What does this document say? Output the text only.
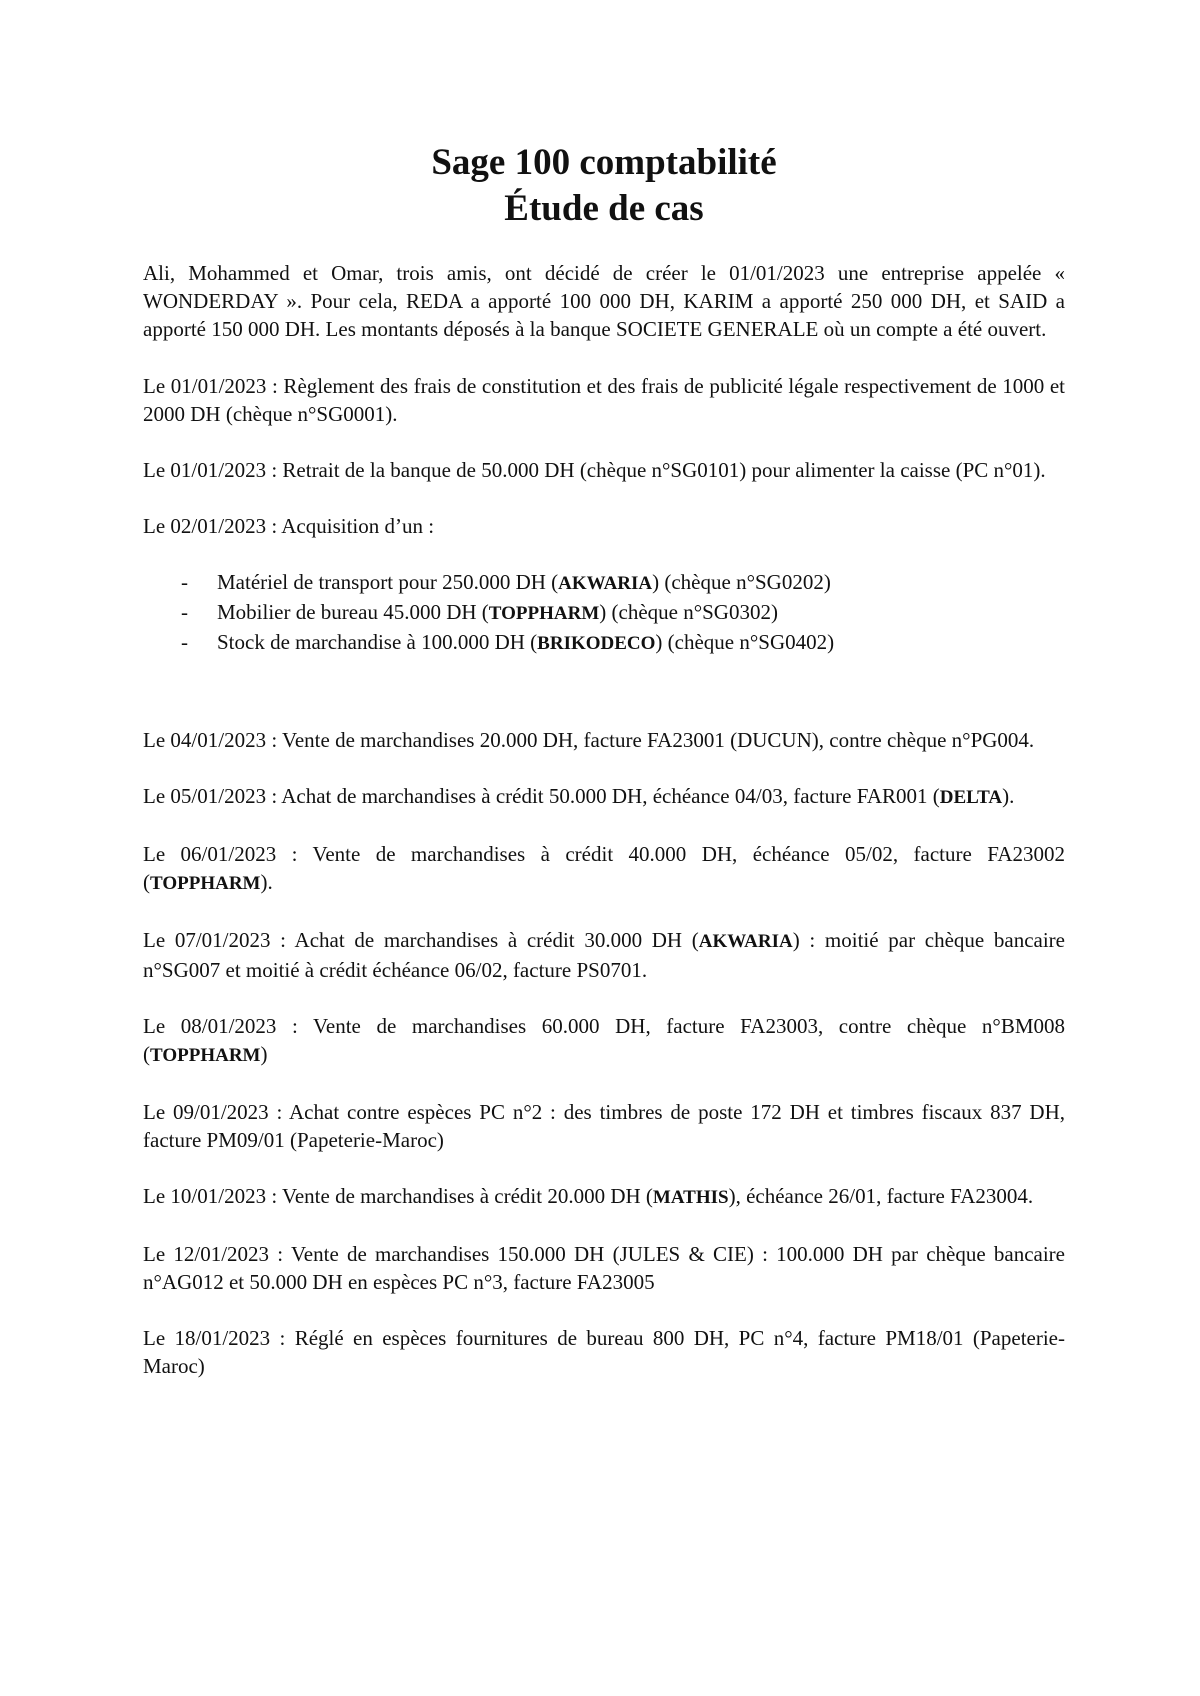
Sage 100 comptabilité
Étude de cas

Ali, Mohammed et Omar, trois amis, ont décidé de créer le 01/01/2023 une entreprise appelée « WONDERDAY ». Pour cela, REDA a apporté 100 000 DH, KARIM a apporté 250 000 DH, et SAID a apporté 150 000 DH. Les montants déposés à la banque SOCIETE GENERALE où un compte a été ouvert.

Le 01/01/2023 : Règlement des frais de constitution et des frais de publicité légale respectivement de 1000 et 2000 DH (chèque n°SG0001).

Le 01/01/2023 : Retrait de la banque de 50.000 DH (chèque n°SG0101) pour alimenter la caisse (PC n°01).

Le 02/01/2023 : Acquisition d’un :

- Matériel de transport pour 250.000 DH (AKWARIA) (chèque n°SG0202)
- Mobilier de bureau 45.000 DH (TOPPHARM) (chèque n°SG0302)
- Stock de marchandise à 100.000 DH (BRIKODECO) (chèque n°SG0402)

Le 04/01/2023 : Vente de marchandises 20.000 DH, facture FA23001 (DUCUN), contre chèque n°PG004.

Le 05/01/2023 : Achat de marchandises à crédit 50.000 DH, échéance 04/03, facture FAR001 (DELTA).

Le 06/01/2023 : Vente de marchandises à crédit 40.000 DH, échéance 05/02, facture FA23002 (TOPPHARM).

Le 07/01/2023 : Achat de marchandises à crédit 30.000 DH (AKWARIA) : moitié par chèque bancaire n°SG007 et moitié à crédit échéance 06/02, facture PS0701.

Le 08/01/2023 : Vente de marchandises 60.000 DH, facture FA23003, contre chèque n°BM008 (TOPPHARM)

Le 09/01/2023 : Achat contre espèces PC n°2 : des timbres de poste 172 DH et timbres fiscaux 837 DH, facture PM09/01 (Papeterie-Maroc)

Le 10/01/2023 : Vente de marchandises à crédit 20.000 DH (MATHIS), échéance 26/01, facture FA23004.

Le 12/01/2023 : Vente de marchandises 150.000 DH (JULES & CIE) : 100.000 DH par chèque bancaire n°AG012 et 50.000 DH en espèces PC n°3, facture FA23005

Le 18/01/2023 : Réglé en espèces fournitures de bureau 800 DH, PC n°4, facture PM18/01 (Papeterie-Maroc)
